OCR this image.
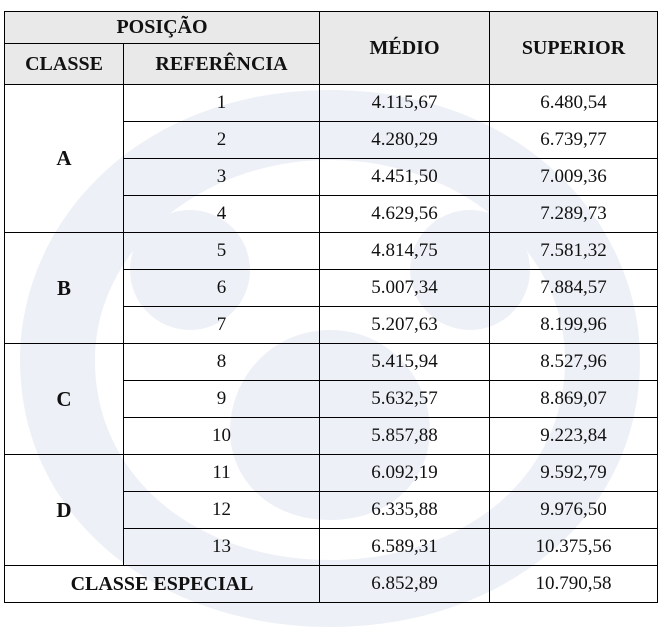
POSIÇÃO		MÉDIO	SUPERIOR
CLASSE	REFERÊNCIA		
A	1	4.115,67	6.480,54
	2	4.280,29	6.739,77
	3	4.451,50	7.009,36
	4	4.629,56	7.289,73
B	5	4.814,75	7.581,32
	6	5.007,34	7.884,57
	7	5.207,63	8.199,96
C	8	5.415,94	8.527,96
	9	5.632,57	8.869,07
	10	5.857,88	9.223,84
D	11	6.092,19	9.592,79
	12	6.335,88	9.976,50
	13	6.589,31	10.375,56
CLASSE ESPECIAL		6.852,89	10.790,58
